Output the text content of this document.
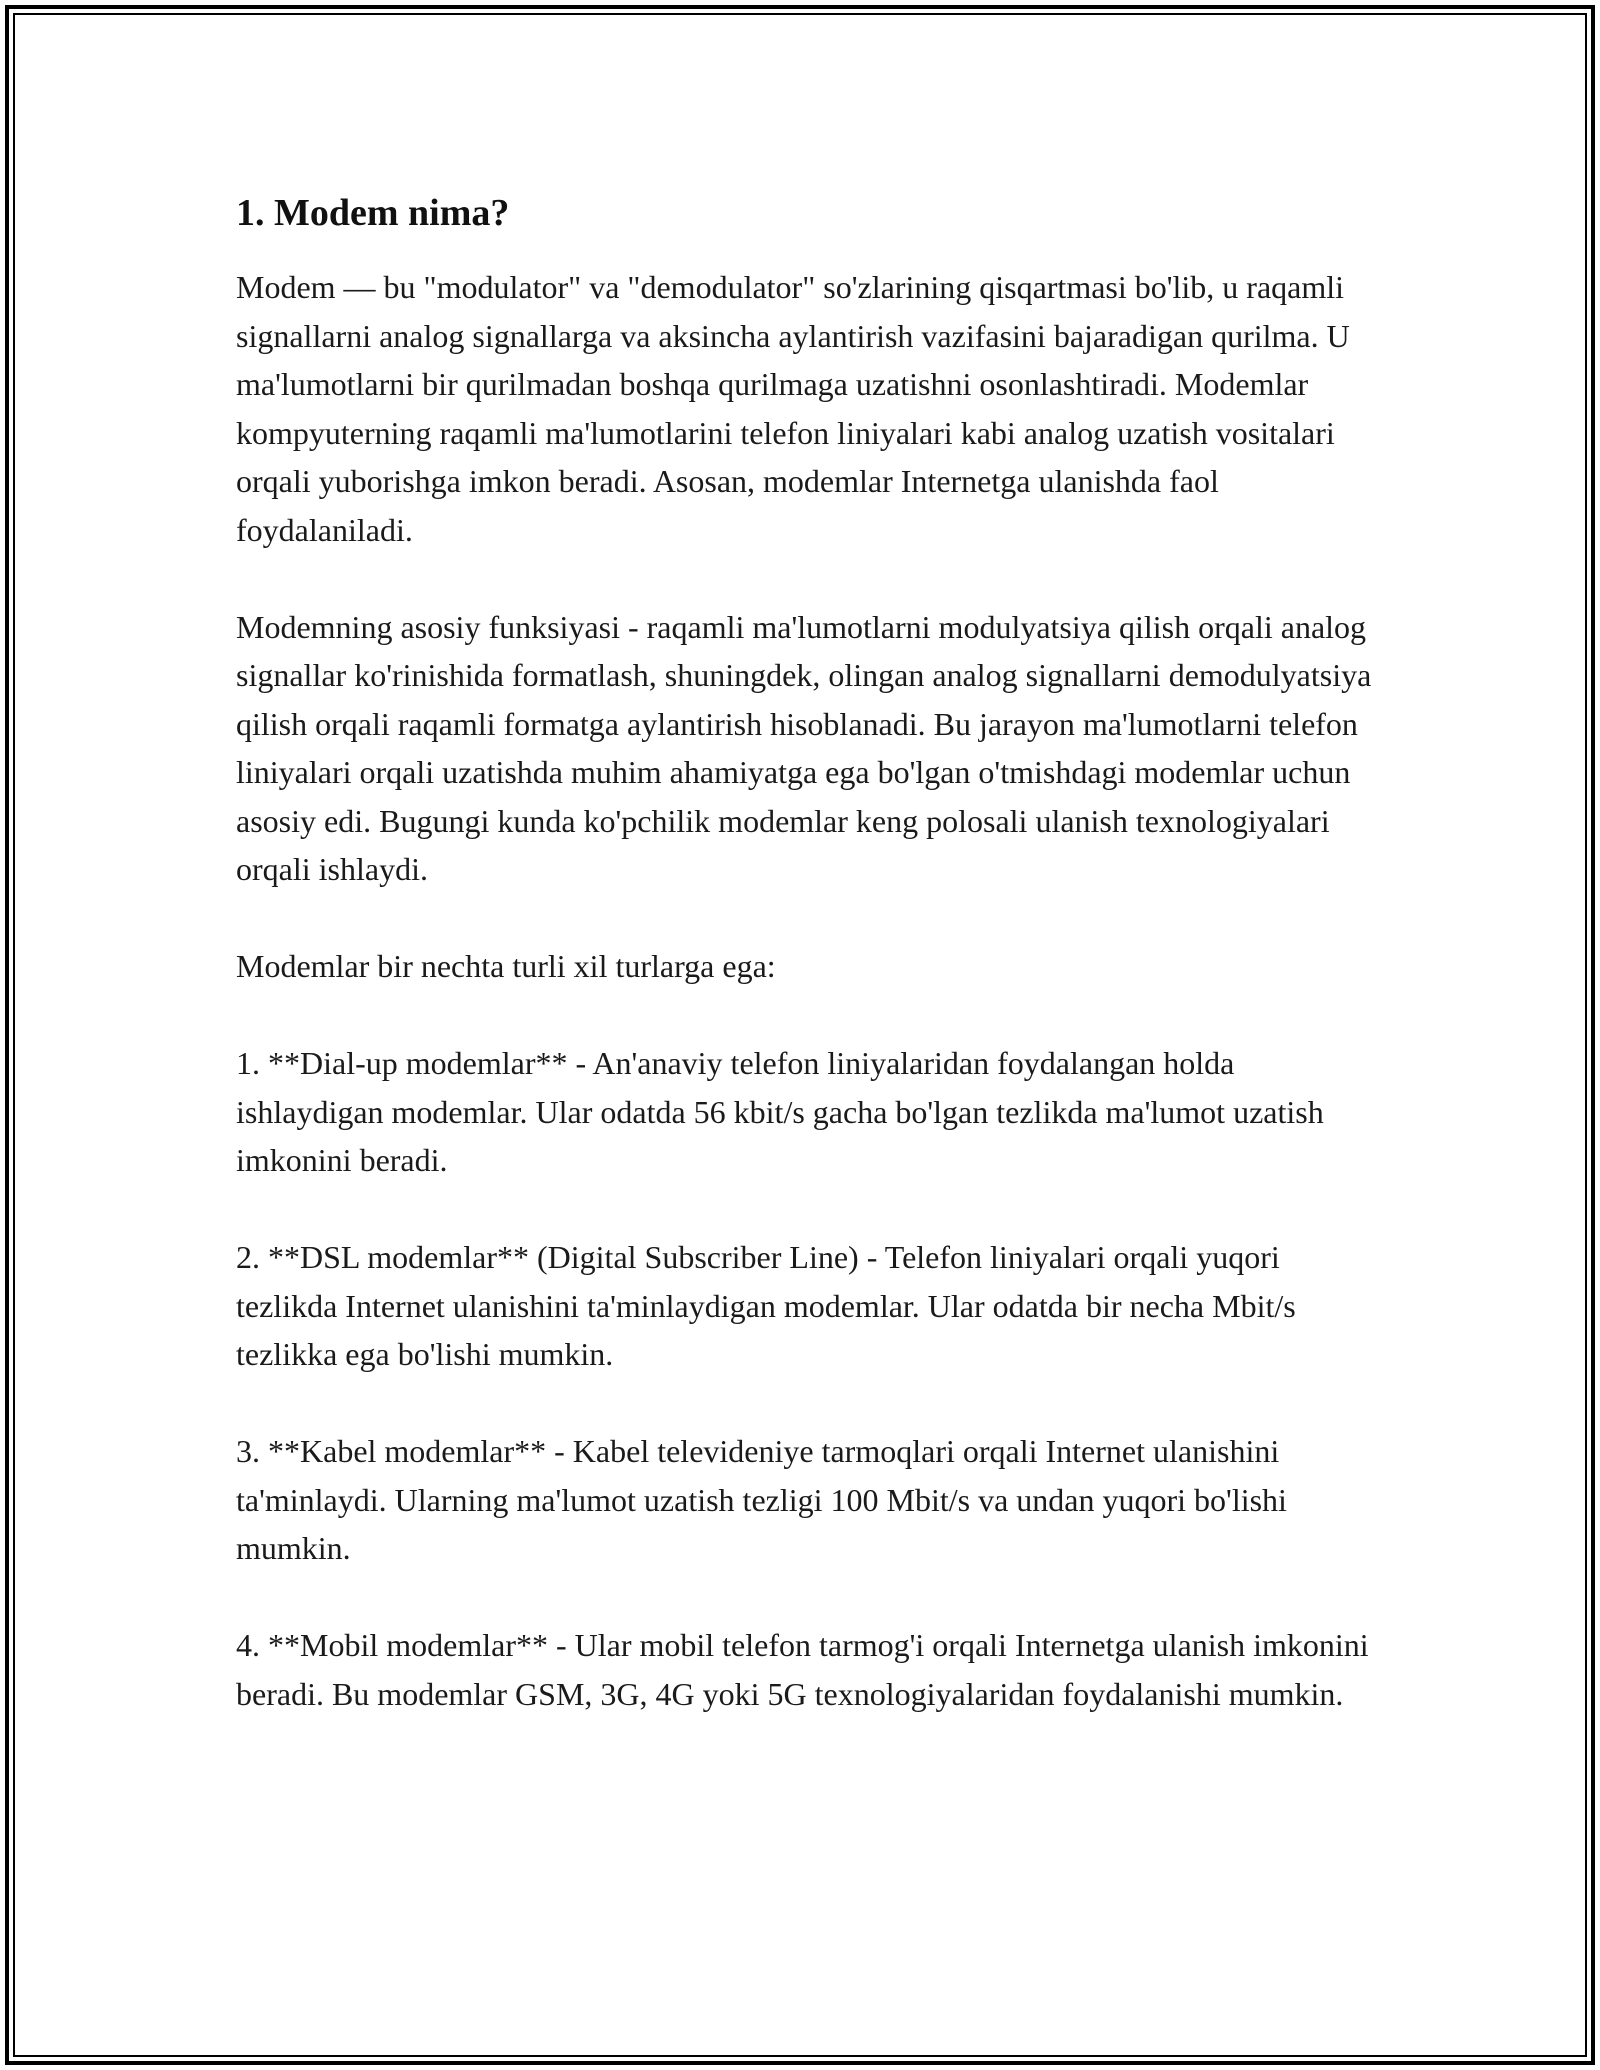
1. Modem nima?

Modem — bu "modulator" va "demodulator" so'zlarining qisqartmasi bo'lib, u raqamli signallarni analog signallarga va aksincha aylantirish vazifasini bajaradigan qurilma. U ma'lumotlarni bir qurilmadan boshqa qurilmaga uzatishni osonlashtiradi. Modemlar kompyuterning raqamli ma'lumotlarini telefon liniyalari kabi analog uzatish vositalari orqali yuborishga imkon beradi. Asosan, modemlar Internetga ulanishda faol foydalaniladi.

Modemning asosiy funksiyasi - raqamli ma'lumotlarni modulyatsiya qilish orqali analog signallar ko'rinishida formatlash, shuningdek, olingan analog signallarni demodulyatsiya qilish orqali raqamli formatga aylantirish hisoblanadi. Bu jarayon ma'lumotlarni telefon liniyalari orqali uzatishda muhim ahamiyatga ega bo'lgan o'tmishdagi modemlar uchun asosiy edi. Bugungi kunda ko'pchilik modemlar keng polosali ulanish texnologiyalari orqali ishlaydi.

Modemlar bir nechta turli xil turlarga ega:

1. **Dial-up modemlar** - An'anaviy telefon liniyalaridan foydalangan holda ishlaydigan modemlar. Ular odatda 56 kbit/s gacha bo'lgan tezlikda ma'lumot uzatish imkonini beradi.

2. **DSL modemlar** (Digital Subscriber Line) - Telefon liniyalari orqali yuqori tezlikda Internet ulanishini ta'minlaydigan modemlar. Ular odatda bir necha Mbit/s tezlikka ega bo'lishi mumkin.

3. **Kabel modemlar** - Kabel televideniye tarmoqlari orqali Internet ulanishini ta'minlaydi. Ularning ma'lumot uzatish tezligi 100 Mbit/s va undan yuqori bo'lishi mumkin.

4. **Mobil modemlar** - Ular mobil telefon tarmog'i orqali Internetga ulanish imkonini beradi. Bu modemlar GSM, 3G, 4G yoki 5G texnologiyalaridan foydalanishi mumkin.
